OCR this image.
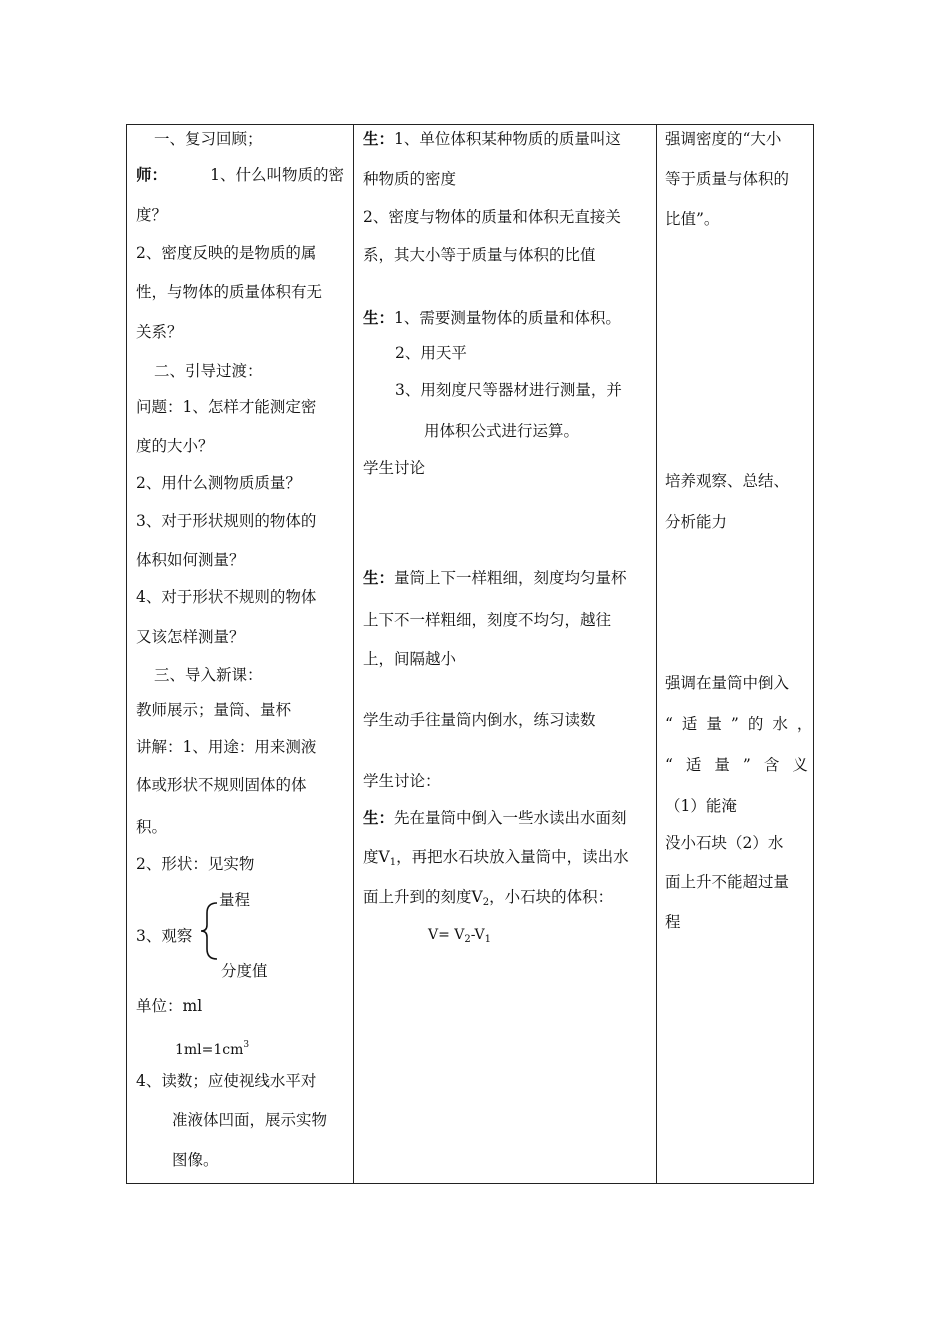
一、复习回顾；
师：	1、什么叫物质的密
度？
2、密度反映的是物质的属
性，与物体的质量体积有无
关系？
二、引导过渡：
问题：1、怎样才能测定密
度的大小？
2、用什么测物质质量？
3、对于形状规则的物体的
体积如何测量？
4、对于形状不规则的物体
又该怎样测量？
三、导入新课：
教师展示；量筒、量杯
讲解：1、用途：用来测液
体或形状不规则固体的体
积。
2、形状：见实物
量程
3、观察
分度值
单位：ml
$1ml=1cm^3$
4、读数；应使视线水平对
准液体凹面，展示实物
图像。
生：1、单位体积某种物质的质量叫这
种物质的密度
2、密度与物体的质量和体积无直接关
系，其大小等于质量与体积的比值
生：1、需要测量物体的质量和体积。
2、用天平
3、用刻度尺等器材进行测量，并
用体积公式进行运算。
学生讨论
生：量筒上下一样粗细，刻度均匀量杯
上下不一样粗细，刻度不均匀，越往
上，间隔越小
学生动手往量筒内倒水，练习读数
学生讨论：
生：先在量筒中倒入一些水读出水面刻
度$V_1$，再把水石块放入量筒中，读出水
面上升到的刻度$V_2$，小石块的体积：
$V= V_2-V_1$
强调密度的“大小
等于质量与体积的
比值”。
培养观察、总结、
分析能力
强调在量筒中倒入
“适量”的水，
“适量”含义
（1）能淹
没小石块（2）水
面上升不能超过量
程
